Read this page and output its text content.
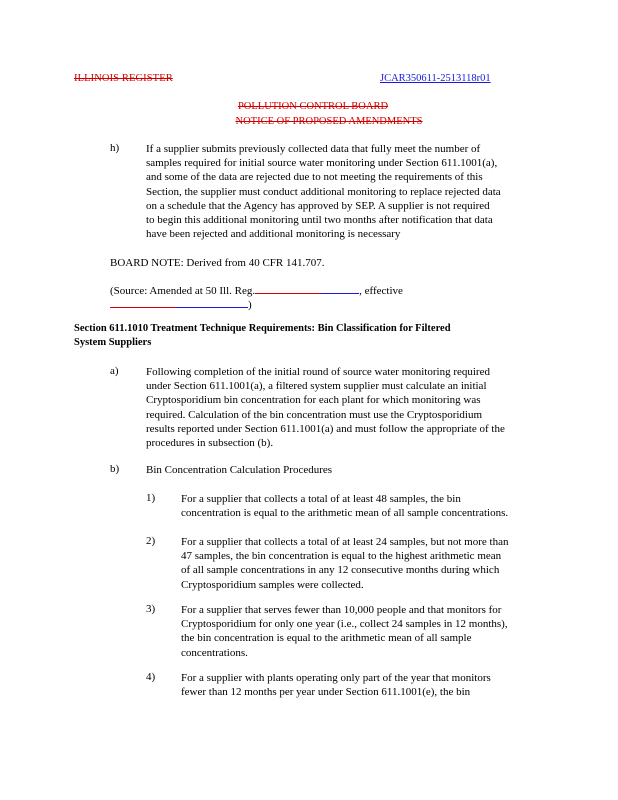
ILLINOIS REGISTER	JCAR350611-2513118r01
POLLUTION CONTROL BOARD
NOTICE OF PROPOSED AMENDMENTS
h) If a supplier submits previously collected data that fully meet the number of
samples required for initial source water monitoring under Section 611.1001(a),
and some of the data are rejected due to not meeting the requirements of this
Section, the supplier must conduct additional monitoring to replace rejected data
on a schedule that the Agency has approved by SEP. A supplier is not required
to begin this additional monitoring until two months after notification that data
have been rejected and additional monitoring is necessary
BOARD NOTE: Derived from 40 CFR 141.707.
(Source: Amended at 50 Ill. Reg.	, effective
)
Section 611.1010 Treatment Technique Requirements: Bin Classification for Filtered
System Suppliers
a) Following completion of the initial round of source water monitoring required
under Section 611.1001(a), a filtered system supplier must calculate an initial
Cryptosporidium bin concentration for each plant for which monitoring was
required. Calculation of the bin concentration must use the Cryptosporidium
results reported under Section 611.1001(a) and must follow the appropriate of the
procedures in subsection (b).
b) Bin Concentration Calculation Procedures
1) For a supplier that collects a total of at least 48 samples, the bin
concentration is equal to the arithmetic mean of all sample concentrations.
2) For a supplier that collects a total of at least 24 samples, but not more than
47 samples, the bin concentration is equal to the highest arithmetic mean
of all sample concentrations in any 12 consecutive months during which
Cryptosporidium samples were collected.
3) For a supplier that serves fewer than 10,000 people and that monitors for
Cryptosporidium for only one year (i.e., collect 24 samples in 12 months),
the bin concentration is equal to the arithmetic mean of all sample
concentrations.
4) For a supplier with plants operating only part of the year that monitors
fewer than 12 months per year under Section 611.1001(e), the bin
